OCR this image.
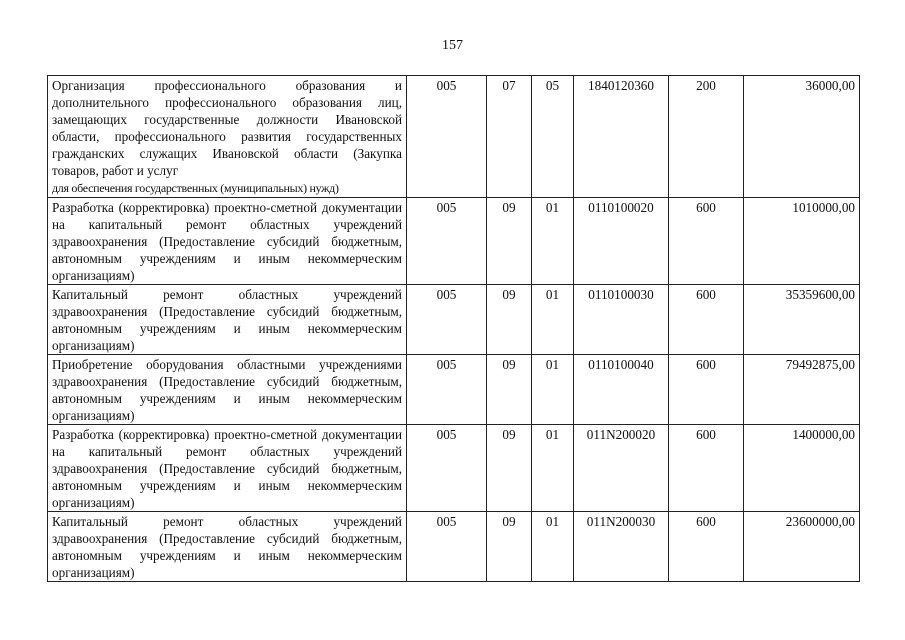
157
Организация профессионального образования и дополнительного профессионального образования лиц, замещающих государственные должности Ивановской области, профессионального развития государственных гражданских служащих Ивановской области (Закупка товаров, работ и услуг
для обеспечения государственных (муниципальных) нужд)	005	07	05	1840120360	200	36000,00
Разработка (корректировка) проектно-сметной документации на капитальный ремонт областных учреждений здравоохранения (Предоставление субсидий бюджетным, автономным учреждениям и иным некоммерческим организациям)	005	09	01	0110100020	600	1010000,00
Капитальный ремонт областных учреждений здравоохранения (Предоставление субсидий бюджетным, автономным учреждениям и иным некоммерческим организациям)	005	09	01	0110100030	600	35359600,00
Приобретение оборудования областными учреждениями здравоохранения (Предоставление субсидий бюджетным, автономным учреждениям и иным некоммерческим организациям)	005	09	01	0110100040	600	79492875,00
Разработка (корректировка) проектно-сметной документации на капитальный ремонт областных учреждений здравоохранения (Предоставление субсидий бюджетным, автономным учреждениям и иным некоммерческим организациям)	005	09	01	011N200020	600	1400000,00
Капитальный ремонт областных учреждений здравоохранения (Предоставление субсидий бюджетным, автономным учреждениям и иным некоммерческим организациям)	005	09	01	011N200030	600	23600000,00
